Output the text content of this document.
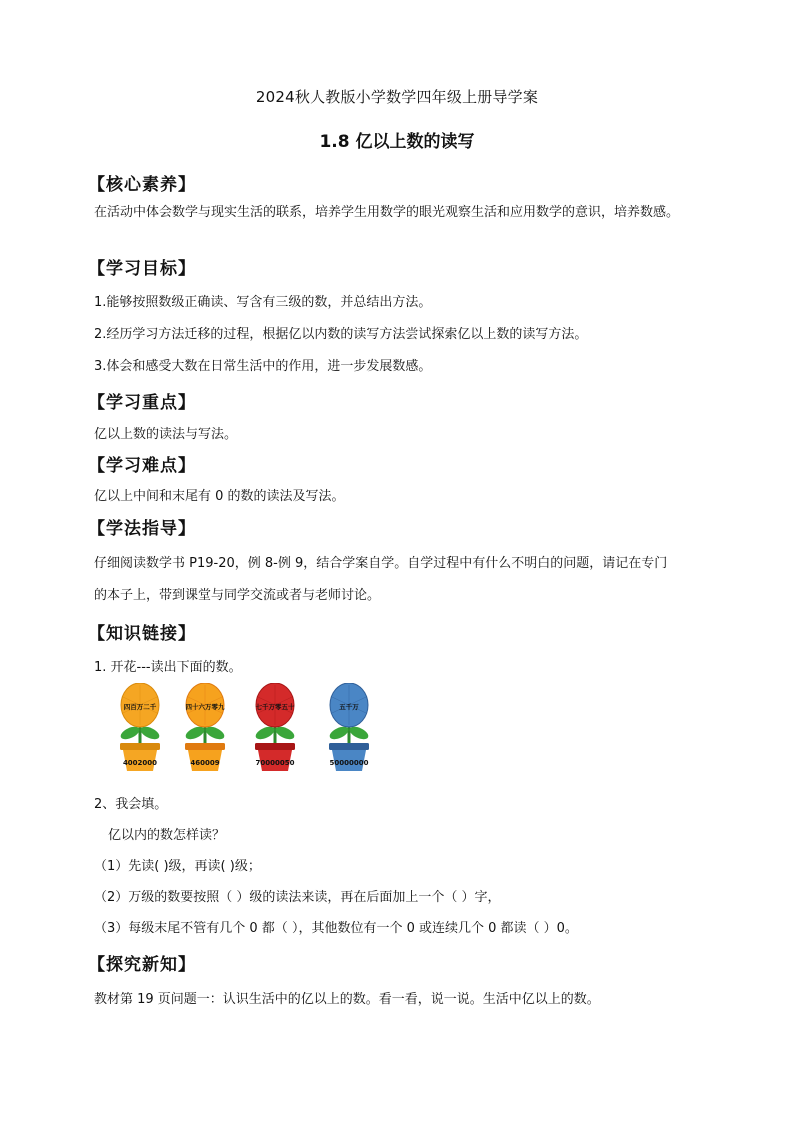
2024秋人教版小学数学四年级上册导学案
1.8 亿以上数的读写
【核心素养】
在活动中体会数学与现实生活的联系，培养学生用数学的眼光观察生活和应用数学的意识，培养数感。
【学习目标】
1.能够按照数级正确读、写含有三级的数，并总结出方法。
2.经历学习方法迁移的过程，根据亿以内数的读写方法尝试探索亿以上数的读写方法。
3.体会和感受大数在日常生活中的作用，进一步发展数感。
【学习重点】
亿以上数的读法与写法。
【学习难点】
亿以上中间和末尾有 0 的数的读法及写法。
【学法指导】
仔细阅读数学书 P19-20，例 8-例 9，结合学案自学。自学过程中有什么不明白的问题，请记在专门
的本子上，带到课堂与同学交流或者与老师讨论。
【知识链接】
1. 开花---读出下面的数。
四百万二千
4002000
四十六万零九
460009
七千万零五十
70000050
五千万
50000000
2、我会填。
亿以内的数怎样读？
（1）先读( )级，再读( )级；
（2）万级的数要按照（ ）级的读法来读，再在后面加上一个（ ）字，
（3）每级末尾不管有几个 0 都（ ），其他数位有一个 0 或连续几个 0 都读（ ）0。
【探究新知】
教材第 19 页问题一：认识生活中的亿以上的数。看一看，说一说。生活中亿以上的数。
